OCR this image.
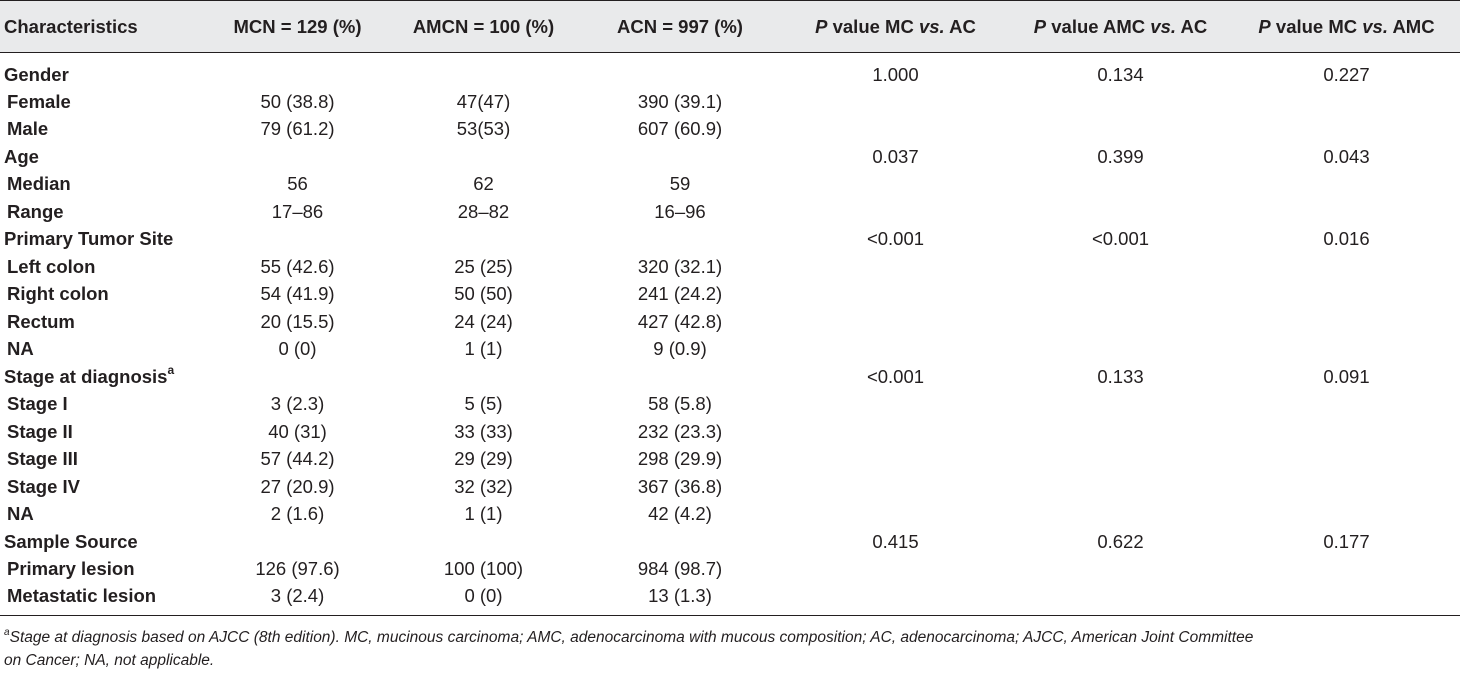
Characteristics	MCN = 129 (%)	AMCN = 100 (%)	ACN = 997 (%)	P value MC vs. AC	P value AMC vs. AC	P value MC vs. AMC
Gender				1.000	0.134	0.227
Female	50 (38.8)	47(47)	390 (39.1)			
Male	79 (61.2)	53(53)	607 (60.9)			
Age				0.037	0.399	0.043
Median	56	62	59			
Range	17–86	28–82	16–96			
Primary Tumor Site				<0.001	<0.001	0.016
Left colon	55 (42.6)	25 (25)	320 (32.1)			
Right colon	54 (41.9)	50 (50)	241 (24.2)			
Rectum	20 (15.5)	24 (24)	427 (42.8)			
NA	0 (0)	1 (1)	9 (0.9)			
Stage at diagnosis$^a$				<0.001	0.133	0.091
Stage I	3 (2.3)	5 (5)	58 (5.8)			
Stage II	40 (31)	33 (33)	232 (23.3)			
Stage III	57 (44.2)	29 (29)	298 (29.9)			
Stage IV	27 (20.9)	32 (32)	367 (36.8)			
NA	2 (1.6)	1 (1)	42 (4.2)			
Sample Source				0.415	0.622	0.177
Primary lesion	126 (97.6)	100 (100)	984 (98.7)			
Metastatic lesion	3 (2.4)	0 (0)	13 (1.3)			
$^a$Stage at diagnosis based on AJCC (8th edition). MC, mucinous carcinoma; AMC, adenocarcinoma with mucous composition; AC, adenocarcinoma; AJCC, American Joint Committee
on Cancer; NA, not applicable.
